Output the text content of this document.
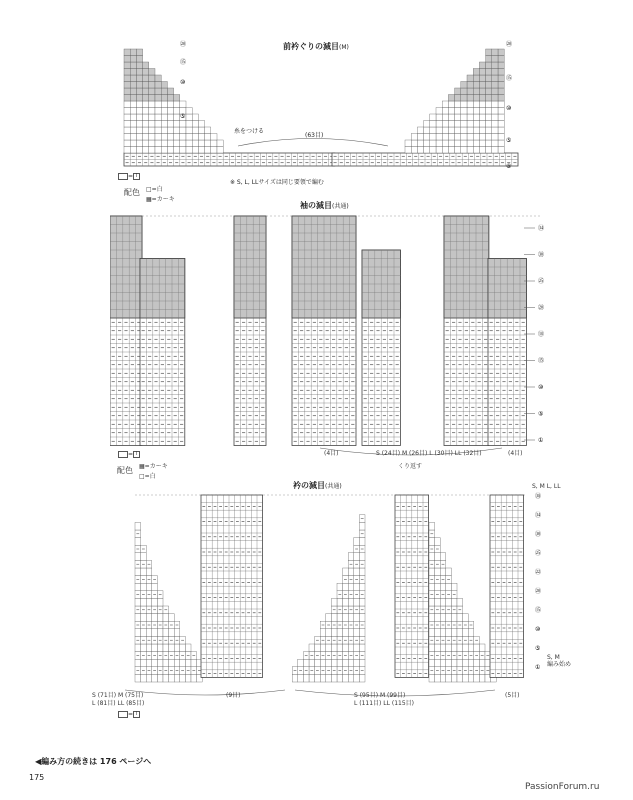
前衿ぐりの減目(M)
⑳
⑮
⑩
⑤
⑳
⑮
⑩
⑤
⑧
糸をつける
(63目)
※ S, L, LLサイズは同じ要領で編む
= I
配色 □=白
▦=カーキ
袖の減目(共通)
㉞
㉚
㉕
⑳
⑱
⑮
⑩
⑤
①
(4目)	S (24目) M (26目) L (30目) LL (32目)	(4目)
くり返す
= I
配色 ▦=カーキ
□=白
衿の減目(共通)	S, M L, LL
㊳
㉞
㉚
㉕
㉒
⑳
⑮
⑩
⑤
①
S, M
編み始め
S (71目) M (75目)
L (81目) LL (85目)
(9目)	S (95目) M (99目)
L (111目) LL (115目)
(5目)
= I
◀編み方の続きは 176 ページへ
175
PassionForum.ru
